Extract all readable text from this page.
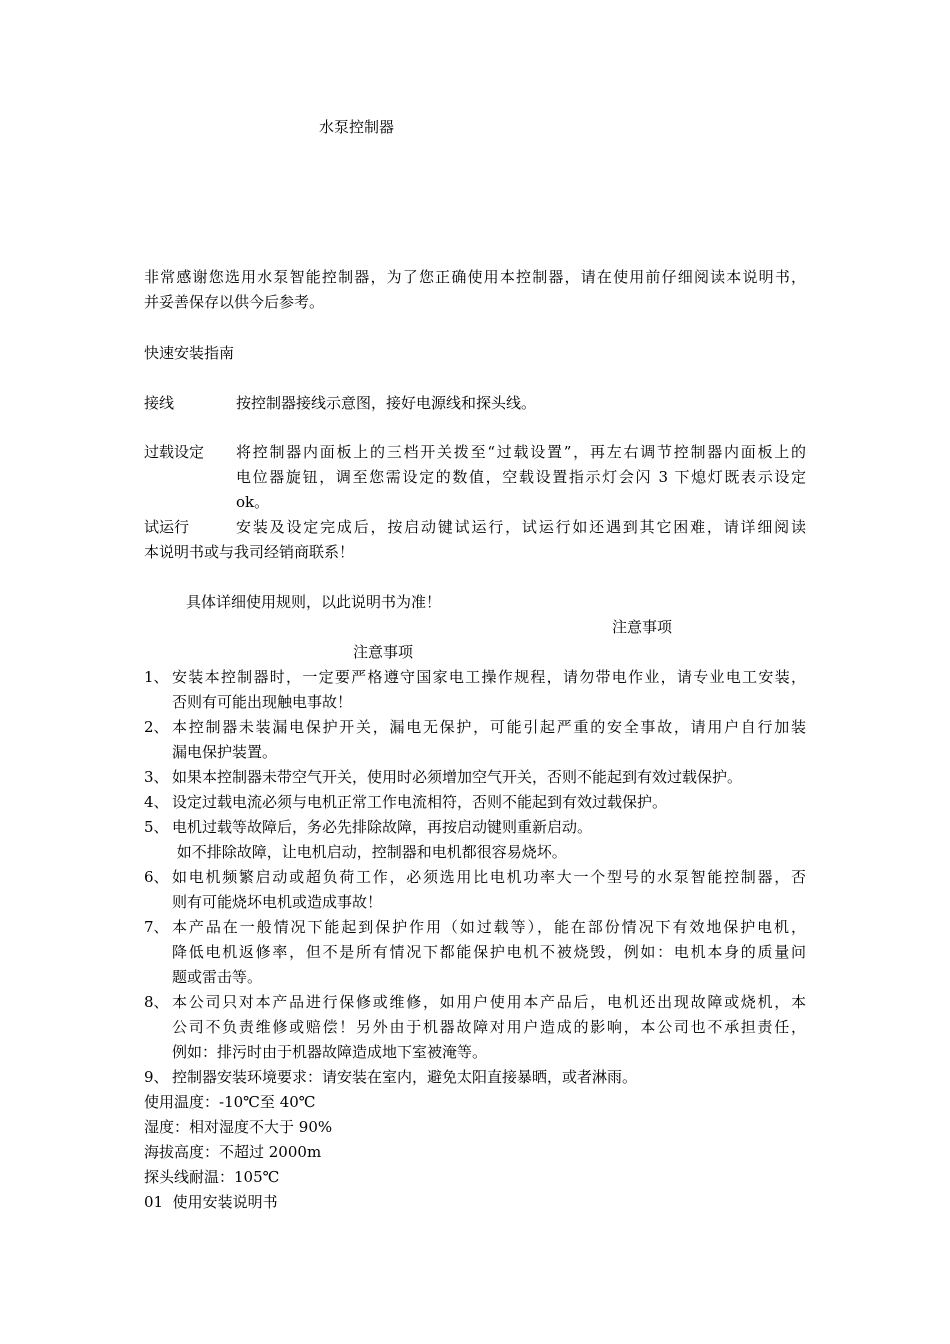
水泵控制器
非常感谢您选用水泵智能控制器，为了您正确使用本控制器，请在使用前仔细阅读本说明书，
并妥善保存以供今后参考。
快速安装指南
接线	按控制器接线示意图，接好电源线和探头线。
过载设定 将控制器内面板上的三档开关拨至“过载设置”，再左右调节控制器内面板上的
电位器旋钮，调至您需设定的数值，空载设置指示灯会闪 3 下熄灯既表示设定
ok。
试运行	安装及设定完成后，按启动键试运行，试运行如还遇到其它困难，请详细阅读
本说明书或与我司经销商联系！
具体详细使用规则，以此说明书为准！
注意事项
注意事项
1、 安装本控制器时，一定要严格遵守国家电工操作规程，请勿带电作业，请专业电工安装，
否则有可能出现触电事故！
2、 本控制器未装漏电保护开关，漏电无保护，可能引起严重的安全事故，请用户自行加装
漏电保护装置。
3、 如果本控制器未带空气开关，使用时必须增加空气开关，否则不能起到有效过载保护。
4、 设定过载电流必须与电机正常工作电流相符，否则不能起到有效过载保护。
5、 电机过载等故障后，务必先排除故障，再按启动键则重新启动。
如不排除故障，让电机启动，控制器和电机都很容易烧坏。
6、 如电机频繁启动或超负荷工作，必须选用比电机功率大一个型号的水泵智能控制器，否
则有可能烧坏电机或造成事故！
7、 本产品在一般情况下能起到保护作用（如过载等），能在部份情况下有效地保护电机，
降低电机返修率，但不是所有情况下都能保护电机不被烧毁，例如：电机本身的质量问
题或雷击等。
8、 本公司只对本产品进行保修或维修，如用户使用本产品后，电机还出现故障或烧机，本
公司不负责维修或赔偿！另外由于机器故障对用户造成的影响，本公司也不承担责任，
例如：排污时由于机器故障造成地下室被淹等。
9、 控制器安装环境要求：请安装在室内，避免太阳直接暴晒，或者淋雨。
使用温度：-10℃至 40℃
湿度：相对湿度不大于 90%
海拔高度：不超过 2000m
探头线耐温：105℃
01  使用安装说明书
